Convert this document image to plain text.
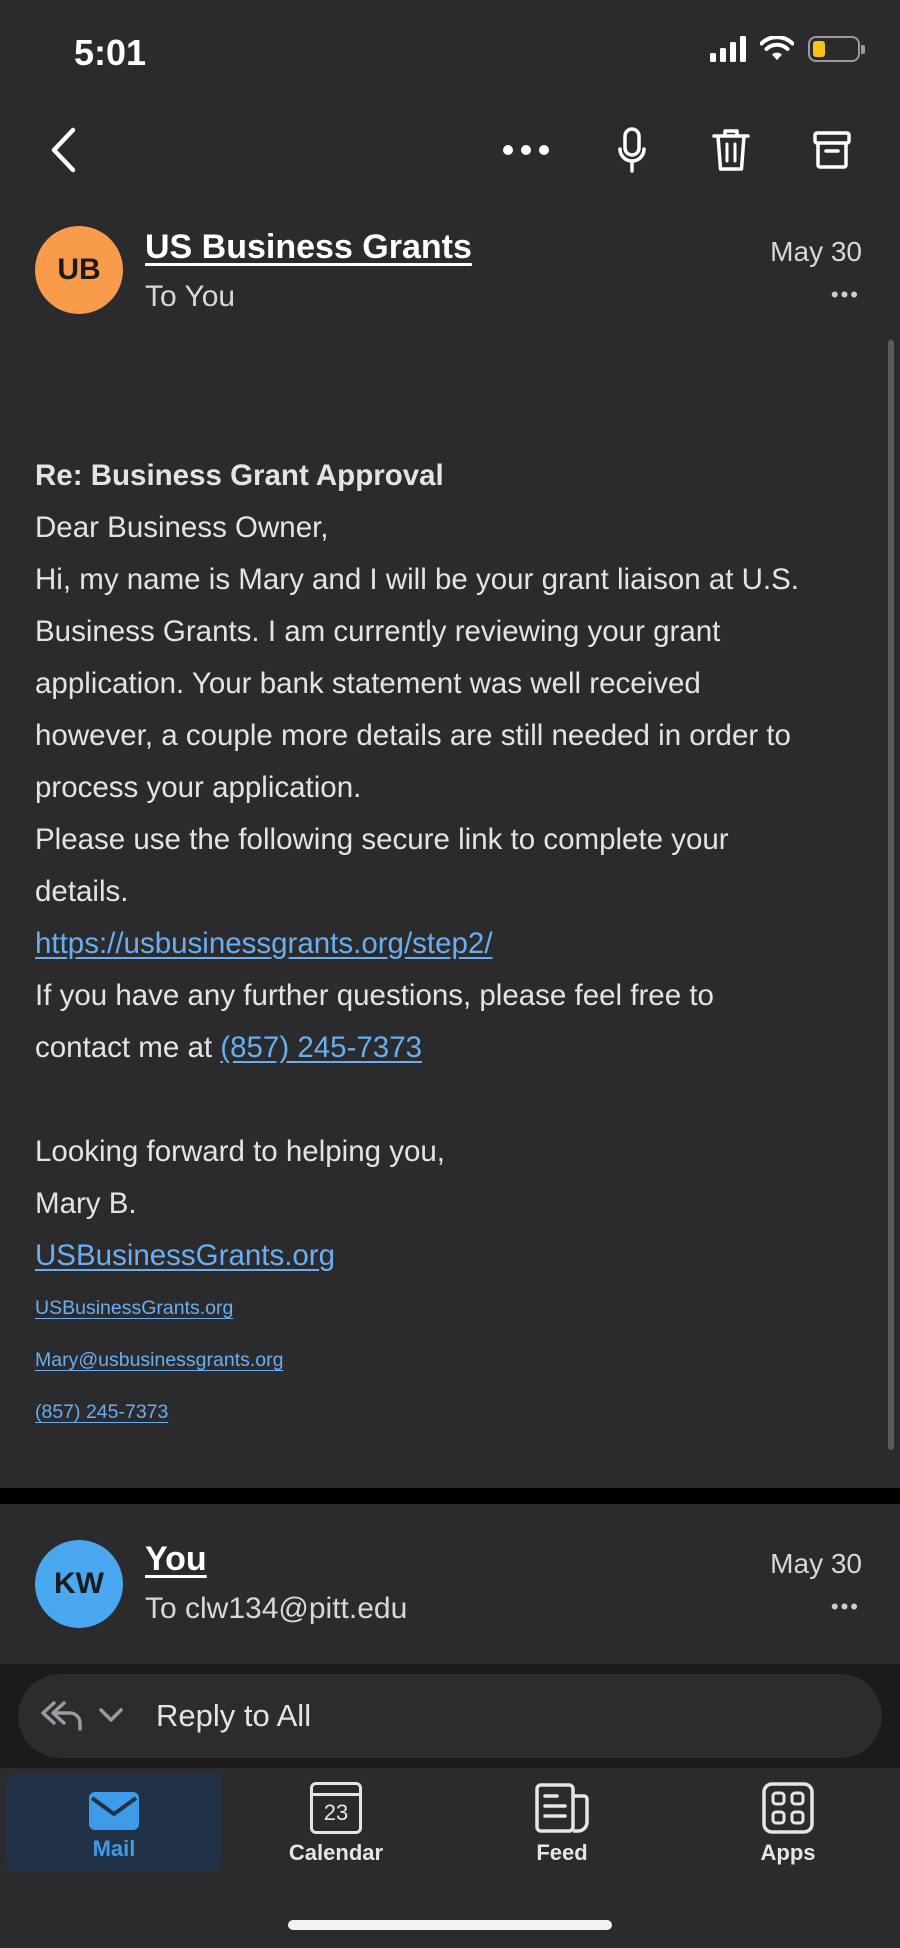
5:01
UB
US Business Grants
To You
May 30
•••
Re: Business Grant Approval
Dear Business Owner,
Hi, my name is Mary and I will be your grant liaison at U.S.
Business Grants. I am currently reviewing your grant
application. Your bank statement was well received
however, a couple more details are still needed in order to
process your application.
Please use the following secure link to complete your
details.
https://usbusinessgrants.org/step2/
If you have any further questions, please feel free to
contact me at (857) 245-7373
Looking forward to helping you,
Mary B.
USBusinessGrants.org
USBusinessGrants.org
Mary@usbusinessgrants.org
(857) 245-7373
KW
You
To clw134@pitt.edu
May 30
•••
Reply to All
Mail
23
Calendar	Feed	Apps
